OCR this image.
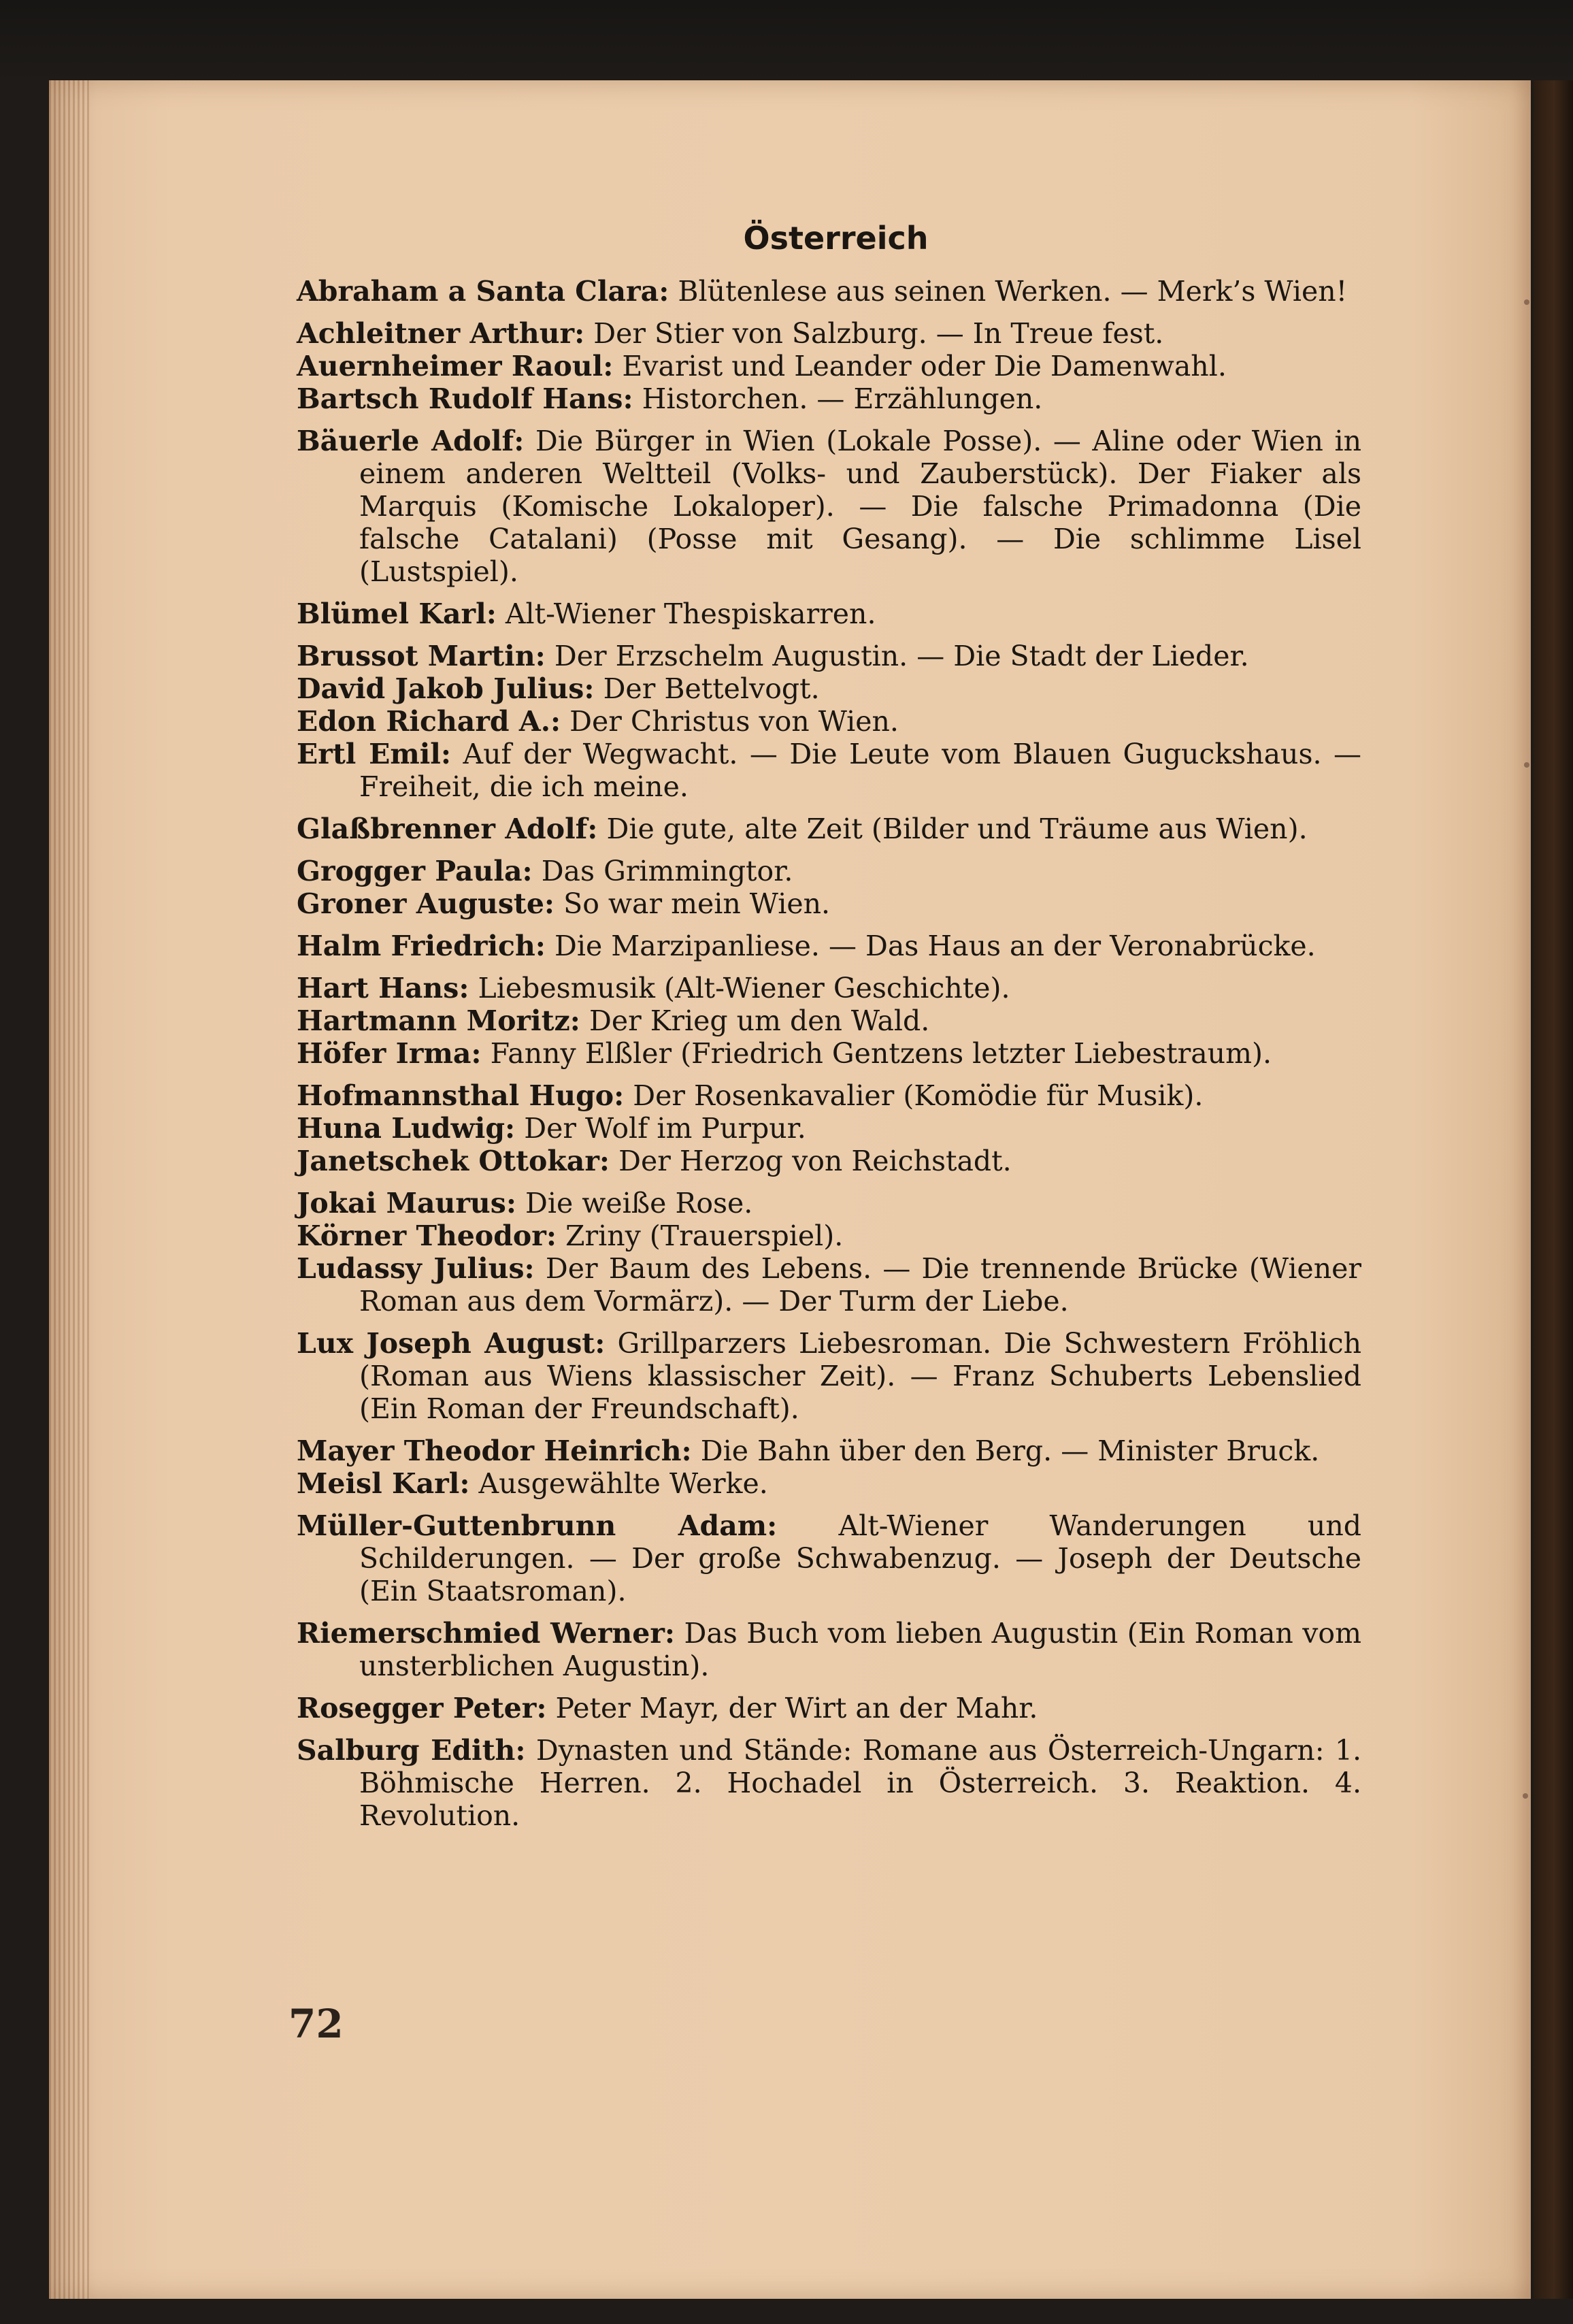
Österreich

Abraham a Santa Clara: Blütenlese aus seinen Werken. — Merk’s Wien!

Achleitner Arthur: Der Stier von Salzburg. — In Treue fest.

Auernheimer Raoul: Evarist und Leander oder Die Damenwahl.

Bartsch Rudolf Hans: Historchen. — Erzählungen.

Bäuerle Adolf: Die Bürger in Wien (Lokale Posse). — Aline oder Wien in einem anderen Weltteil (Volks- und Zauberstück). Der Fiaker als Marquis (Komische Lokaloper). — Die falsche Primadonna (Die falsche Catalani) (Posse mit Gesang). — Die schlimme Lisel (Lustspiel).

Blümel Karl: Alt-Wiener Thespiskarren.

Brussot Martin: Der Erzschelm Augustin. — Die Stadt der Lieder.

David Jakob Julius: Der Bettelvogt.

Edon Richard A.: Der Christus von Wien.

Ertl Emil: Auf der Wegwacht. — Die Leute vom Blauen Guguckshaus. — Freiheit, die ich meine.

Glaßbrenner Adolf: Die gute, alte Zeit (Bilder und Träume aus Wien).

Grogger Paula: Das Grimmingtor.

Groner Auguste: So war mein Wien.

Halm Friedrich: Die Marzipanliese. — Das Haus an der Veronabrücke.

Hart Hans: Liebesmusik (Alt-Wiener Geschichte).

Hartmann Moritz: Der Krieg um den Wald.

Höfer Irma: Fanny Elßler (Friedrich Gentzens letzter Liebestraum).

Hofmannsthal Hugo: Der Rosenkavalier (Komödie für Musik).

Huna Ludwig: Der Wolf im Purpur.

Janetschek Ottokar: Der Herzog von Reichstadt.

Jokai Maurus: Die weiße Rose.

Körner Theodor: Zriny (Trauerspiel).

Ludassy Julius: Der Baum des Lebens. — Die trennende Brücke (Wiener Roman aus dem Vormärz). — Der Turm der Liebe.

Lux Joseph August: Grillparzers Liebesroman. Die Schwestern Fröhlich (Roman aus Wiens klassischer Zeit). — Franz Schuberts Lebenslied (Ein Roman der Freundschaft).

Mayer Theodor Heinrich: Die Bahn über den Berg. — Minister Bruck.

Meisl Karl: Ausgewählte Werke.

Müller-Guttenbrunn Adam: Alt-Wiener Wanderungen und Schilderungen. — Der große Schwabenzug. — Joseph der Deutsche (Ein Staatsroman).

Riemerschmied Werner: Das Buch vom lieben Augustin (Ein Roman vom unsterblichen Augustin).

Rosegger Peter: Peter Mayr, der Wirt an der Mahr.

Salburg Edith: Dynasten und Stände: Romane aus Österreich-Ungarn: 1. Böhmische Herren. 2. Hochadel in Österreich. 3. Reaktion. 4. Revolution.

72
